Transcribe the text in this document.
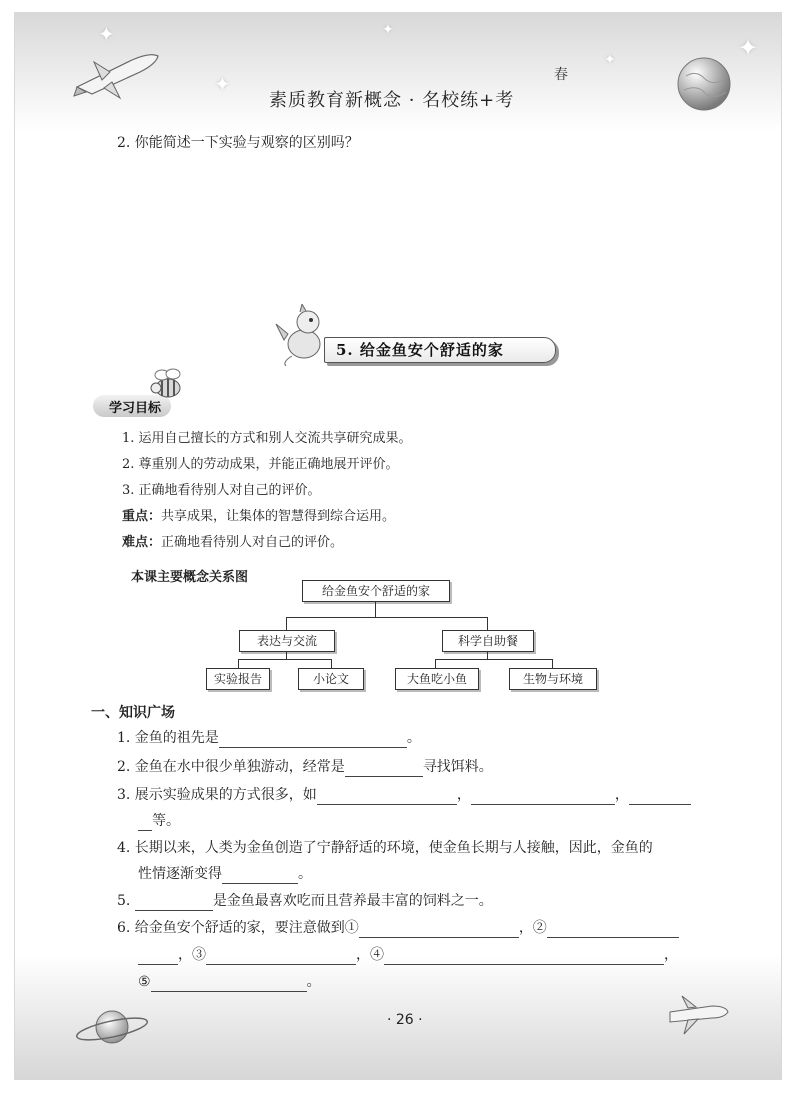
✦
✦
✦
✦	✦
素质教育新概念 · 名校练+考
春
2. 你能简述一下实验与观察的区别吗？
5. 给金鱼安个舒适的家
学习目标
1. 运用自己擅长的方式和别人交流共享研究成果。
2. 尊重别人的劳动成果，并能正确地展开评价。
3. 正确地看待别人对自己的评价。
重点：共享成果，让集体的智慧得到综合运用。
难点：正确地看待别人对自己的评价。
本课主要概念关系图
给金鱼安个舒适的家
表达与交流	科学自助餐
实验报告	小论文	大鱼吃小鱼	生物与环境
一、知识广场
1. 金鱼的祖先是	。
2. 金鱼在水中很少单独游动，经常是	寻找饵料。
3. 展示实验成果的方式很多，如	，	，
等。
4. 长期以来，人类为金鱼创造了宁静舒适的环境，使金鱼长期与人接触，因此，金鱼的
性情逐渐变得	。
5.	是金鱼最喜欢吃而且营养最丰富的饲料之一。
6. 给金鱼安个舒适的家，要注意做到①	，②
，③	，④	，
⑤	。
· 26 ·
